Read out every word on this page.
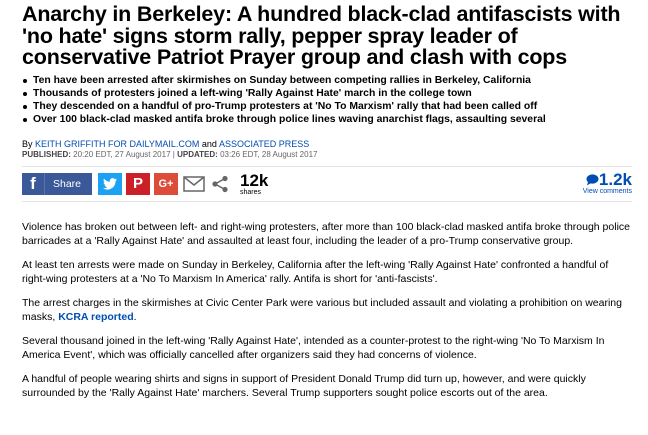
Anarchy in Berkeley: A hundred black-clad antifascists with 'no hate' signs storm rally, pepper spray leader of conservative Patriot Prayer group and clash with cops
Ten have been arrested after skirmishes on Sunday between competing rallies in Berkeley, California
Thousands of protesters joined a left-wing 'Rally Against Hate' march in the college town
They descended on a handful of pro-Trump protesters at 'No To Marxism' rally that had been called off
Over 100 black-clad masked antifa broke through police lines waving anarchist flags, assaulting several
By KEITH GRIFFITH FOR DAILYMAIL.COM and ASSOCIATED PRESS
PUBLISHED: 20:20 EDT, 27 August 2017 | UPDATED: 03:26 EDT, 28 August 2017
f	Share	P G+	12k
shares
1.2k
View comments

Violence has broken out between left- and right-wing protesters, after more than 100 black-clad masked antifa broke through police barricades at a 'Rally Against Hate' and assaulted at least four, including the leader of a pro-Trump conservative group.

At least ten arrests were made on Sunday in Berkeley, California after the left-wing 'Rally Against Hate' confronted a handful of right-wing protesters at a 'No To Marxism In America' rally. Antifa is short for 'anti-fascists'.

The arrest charges in the skirmishes at Civic Center Park were various but included assault and violating a prohibition on wearing masks, KCRA reported.

Several thousand joined in the left-wing 'Rally Against Hate', intended as a counter-protest to the right-wing 'No To Marxism In America Event', which was officially cancelled after organizers said they had concerns of violence.

A handful of people wearing shirts and signs in support of President Donald Trump did turn up, however, and were quickly surrounded by the 'Rally Against Hate' marchers. Several Trump supporters sought police escorts out of the area.
